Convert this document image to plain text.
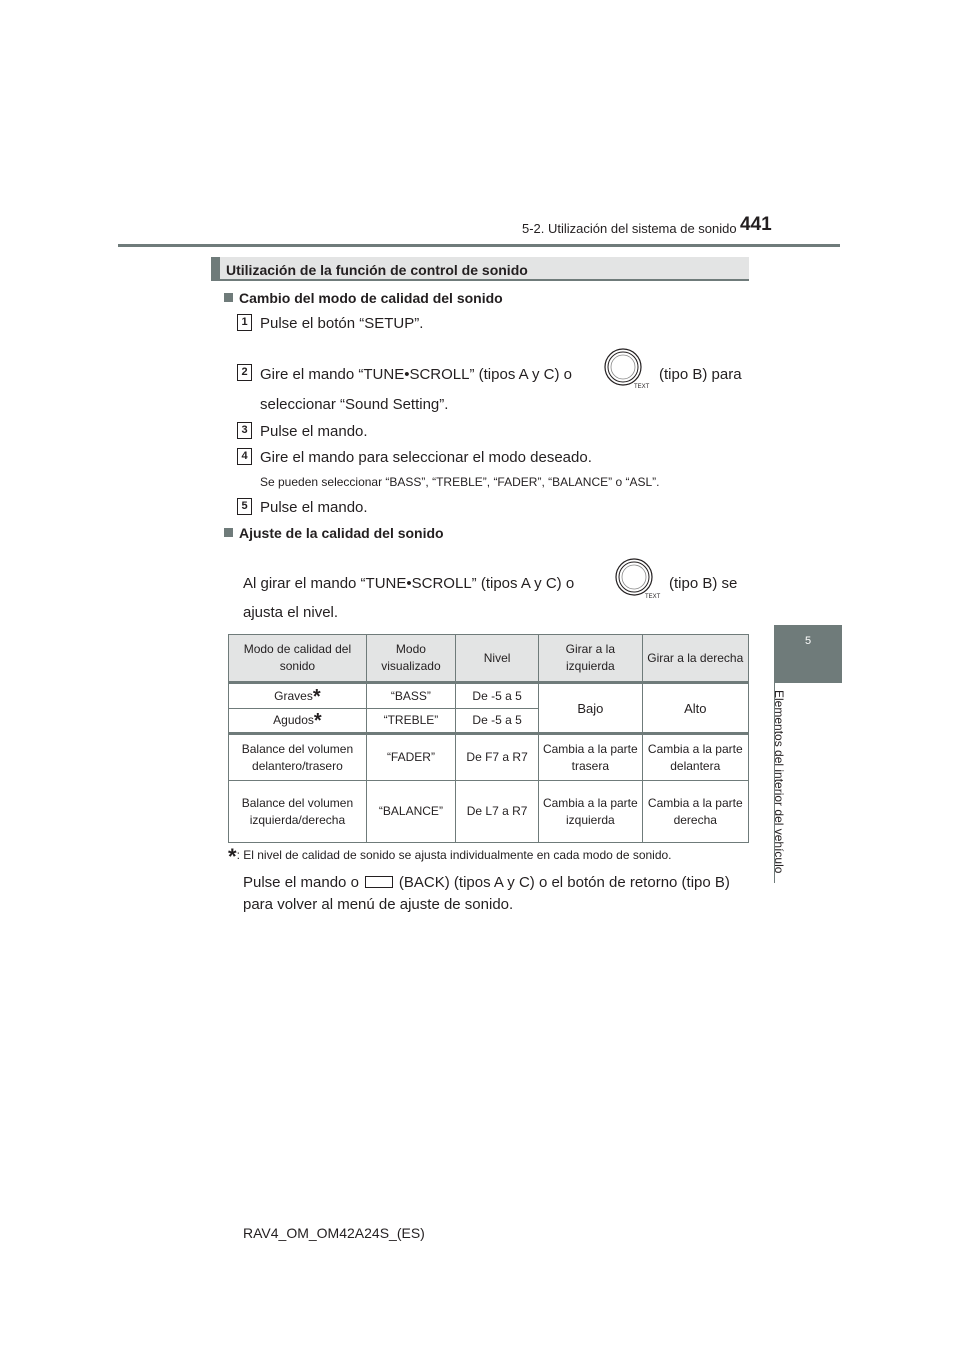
5-2. Utilización del sistema de sonido 441
5
Elementos del interior del vehículo
Utilización de la función de control de sonido
Cambio del modo de calidad del sonido
1 Pulse el botón “SETUP”.
2 Gire el mando “TUNE•SCROLL” (tipos A y C) o
TEXT
(tipo B) para
seleccionar “Sound Setting”.
3 Pulse el mando.
4 Gire el mando para seleccionar el modo deseado.
Se pueden seleccionar “BASS”, “TREBLE”, “FADER”, “BALANCE” o “ASL”.
5 Pulse el mando.
Ajuste de la calidad del sonido
Al girar el mando “TUNE•SCROLL” (tipos A y C) o
TEXT
(tipo B) se
ajusta el nivel.
Modo de calidad del sonido	Modo visualizado	Nivel	Girar a la izquierda	Girar a la derecha
Graves*	“BASS”	De -5 a 5	Bajo	Alto
Agudos*	“TREBLE”	De -5 a 5		
Balance del volumen delantero/trasero	“FADER”	De F7 a R7	Cambia a la parte trasera	Cambia a la parte delantera
Balance del volumen izquierda/derecha	“BALANCE”	De L7 a R7	Cambia a la parte izquierda	Cambia a la parte derecha
*: El nivel de calidad de sonido se ajusta individualmente en cada modo de sonido.
Pulse el mando o	(BACK) (tipos A y C) o el botón de retorno (tipo B)
para volver al menú de ajuste de sonido.
RAV4_OM_OM42A24S_(ES)
